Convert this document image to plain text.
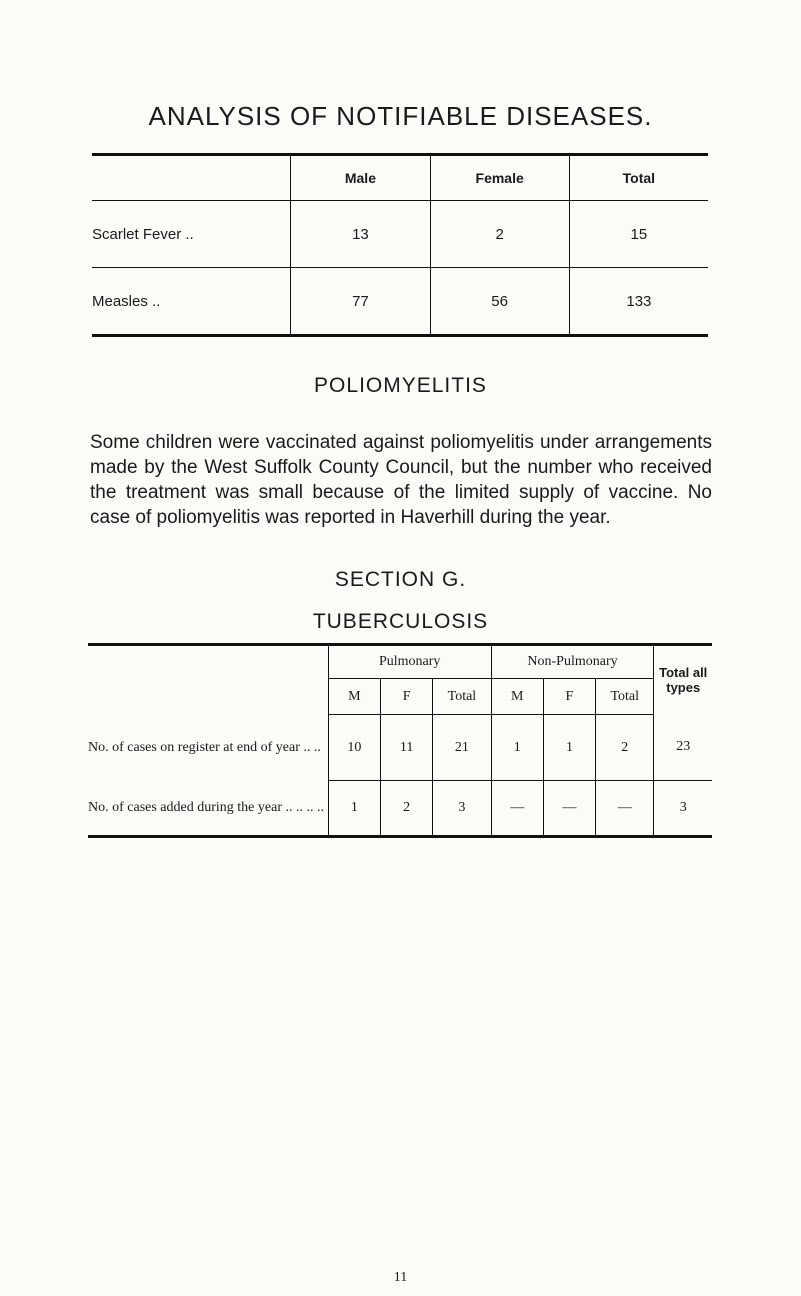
ANALYSIS OF NOTIFIABLE DISEASES.
	Male	Female	Total
Scarlet Fever ..	13	2	15
Measles ..	77	56	133
POLIOMYELITIS
Some children were vaccinated against poliomyelitis under arrangements made by the West Suffolk County Council, but the number who received the treatment was small because of the limited supply of vaccine. No case of poliomyelitis was reported in Haverhill during the year.
SECTION G.
TUBERCULOSIS
	Pulmonary			Non-Pulmonary			Total all types
	M	F	Total	M	F	Total	
No. of cases on register at end of year .. ..	10	11	21	1	1	2	23
No. of cases added during the year .. .. .. ..	1	2	3	—	—	—	3
11
